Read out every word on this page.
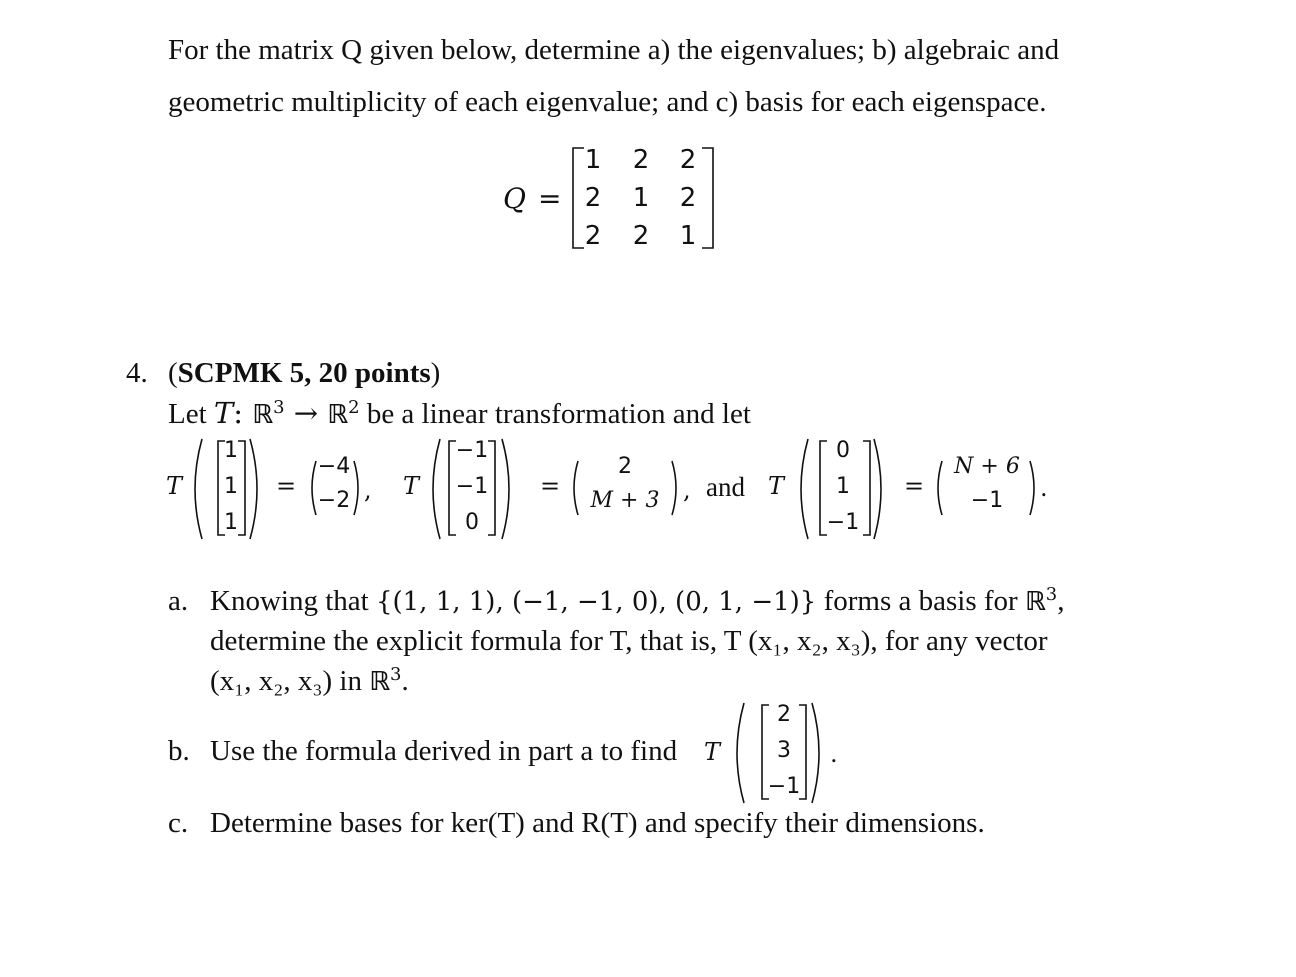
For the matrix Q given below, determine a) the eigenvalues; b) algebraic and
geometric multiplicity of each eigenvalue; and c) basis for each eigenspace.
Q =
1 2 2
2 1 2
2 2 1
4. (SCPMK 5, 20 points)
Let T: ℝ$^3$ → ℝ$^2$ be a linear transformation and let
T
1
1
1
=
−4
−2 , T
−1
−1
0
=
2
M + 3 , and T
0
1
−1
=
N + 6
−1	.
a. Knowing that {(1, 1, 1), (−1, −1, 0), (0, 1, −1)} forms a basis for ℝ$^3$,
determine the explicit formula for T, that is, T (x₁, x₂, x₃), for any vector
(x₁, x₂, x₃) in ℝ$^3$.
b. Use the formula derived in part a to find T
2
3
−1
.
c. Determine bases for ker(T) and R(T) and specify their dimensions.
